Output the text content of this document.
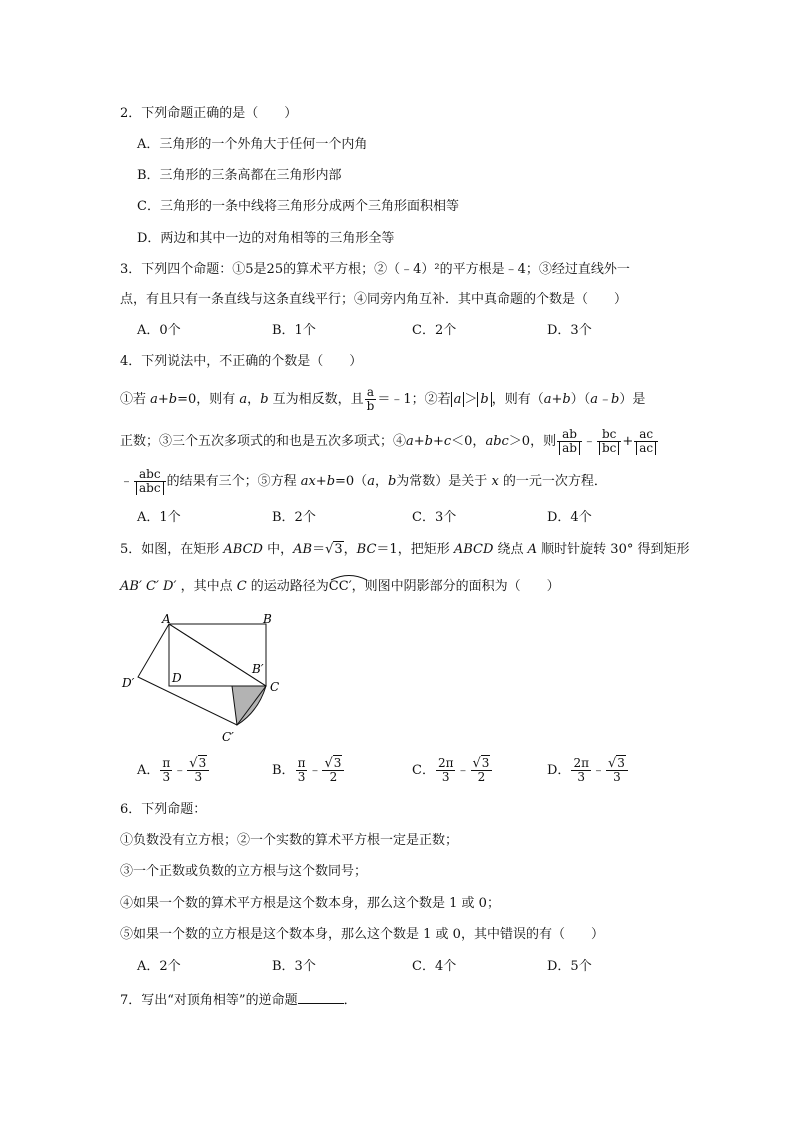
2．下列命题正确的是（　　）
A．三角形的一个外角大于任何一个内角
B．三角形的三条高都在三角形内部
C．三角形的一条中线将三角形分成两个三角形面积相等
D．两边和其中一边的对角相等的三角形全等
3．下列四个命题：①5是25的算术平方根；②（﹣4）²的平方根是﹣4；③经过直线外一
点，有且只有一条直线与这条直线平行；④同旁内角互补．其中真命题的个数是（　　）
A．0个	B．1个	C．2个	D．3个
4．下列说法中，不正确的个数是（　　）
①若 a+b=0，则有 a，b 互为相反数，且 $\frac{a}{b}$ ＝﹣1；②若 a ＞ b ，则有（a+b）（a﹣b）是
正数；③三个五次多项式的和也是五次多项式；④a+b+c＜0，abc＞0，则 $\frac{ab}{ab}$ ﹣ $\frac{bc}{bc} + \frac{ac}{ac}$
﹣ $\frac{\text{abc}}{\text{abc}}$ 的结果有三个；⑤方程 ax+b=0（a，b为常数）是关于 x 的一元一次方程．
A．1个	B．2个	C．3个	D．4个
5．如图，在矩形 ABCD 中，AB＝√3，BC＝1，把矩形 ABCD 绕点 A 顺时针旋转 30° 得到矩形
AB′ C′ D′ ，其中点 C 的运动路径为
CC′，则图中阴影部分的面积为（　　）
A	B
B′
C
C′
D
D′
A． $\frac{\pi}{3}$ ﹣ $\frac{√3}{3}$	B． $\frac{\pi}{3}$ ﹣ $\frac{√3}{2}$	C． $\frac{2\pi}{3}$ ﹣ $\frac{√3}{2}$	D． $\frac{2\pi}{3}$ ﹣ $\frac{√3}{3}$
6．下列命题：
①负数没有立方根；②一个实数的算术平方根一定是正数；
③一个正数或负数的立方根与这个数同号；
④如果一个数的算术平方根是这个数本身，那么这个数是 1 或 0；
⑤如果一个数的立方根是这个数本身，那么这个数是 1 或 0，其中错误的有（　　）
A．2个	B．3个	C．4个	D．5个
7．写出“对顶角相等”的逆命题	．
